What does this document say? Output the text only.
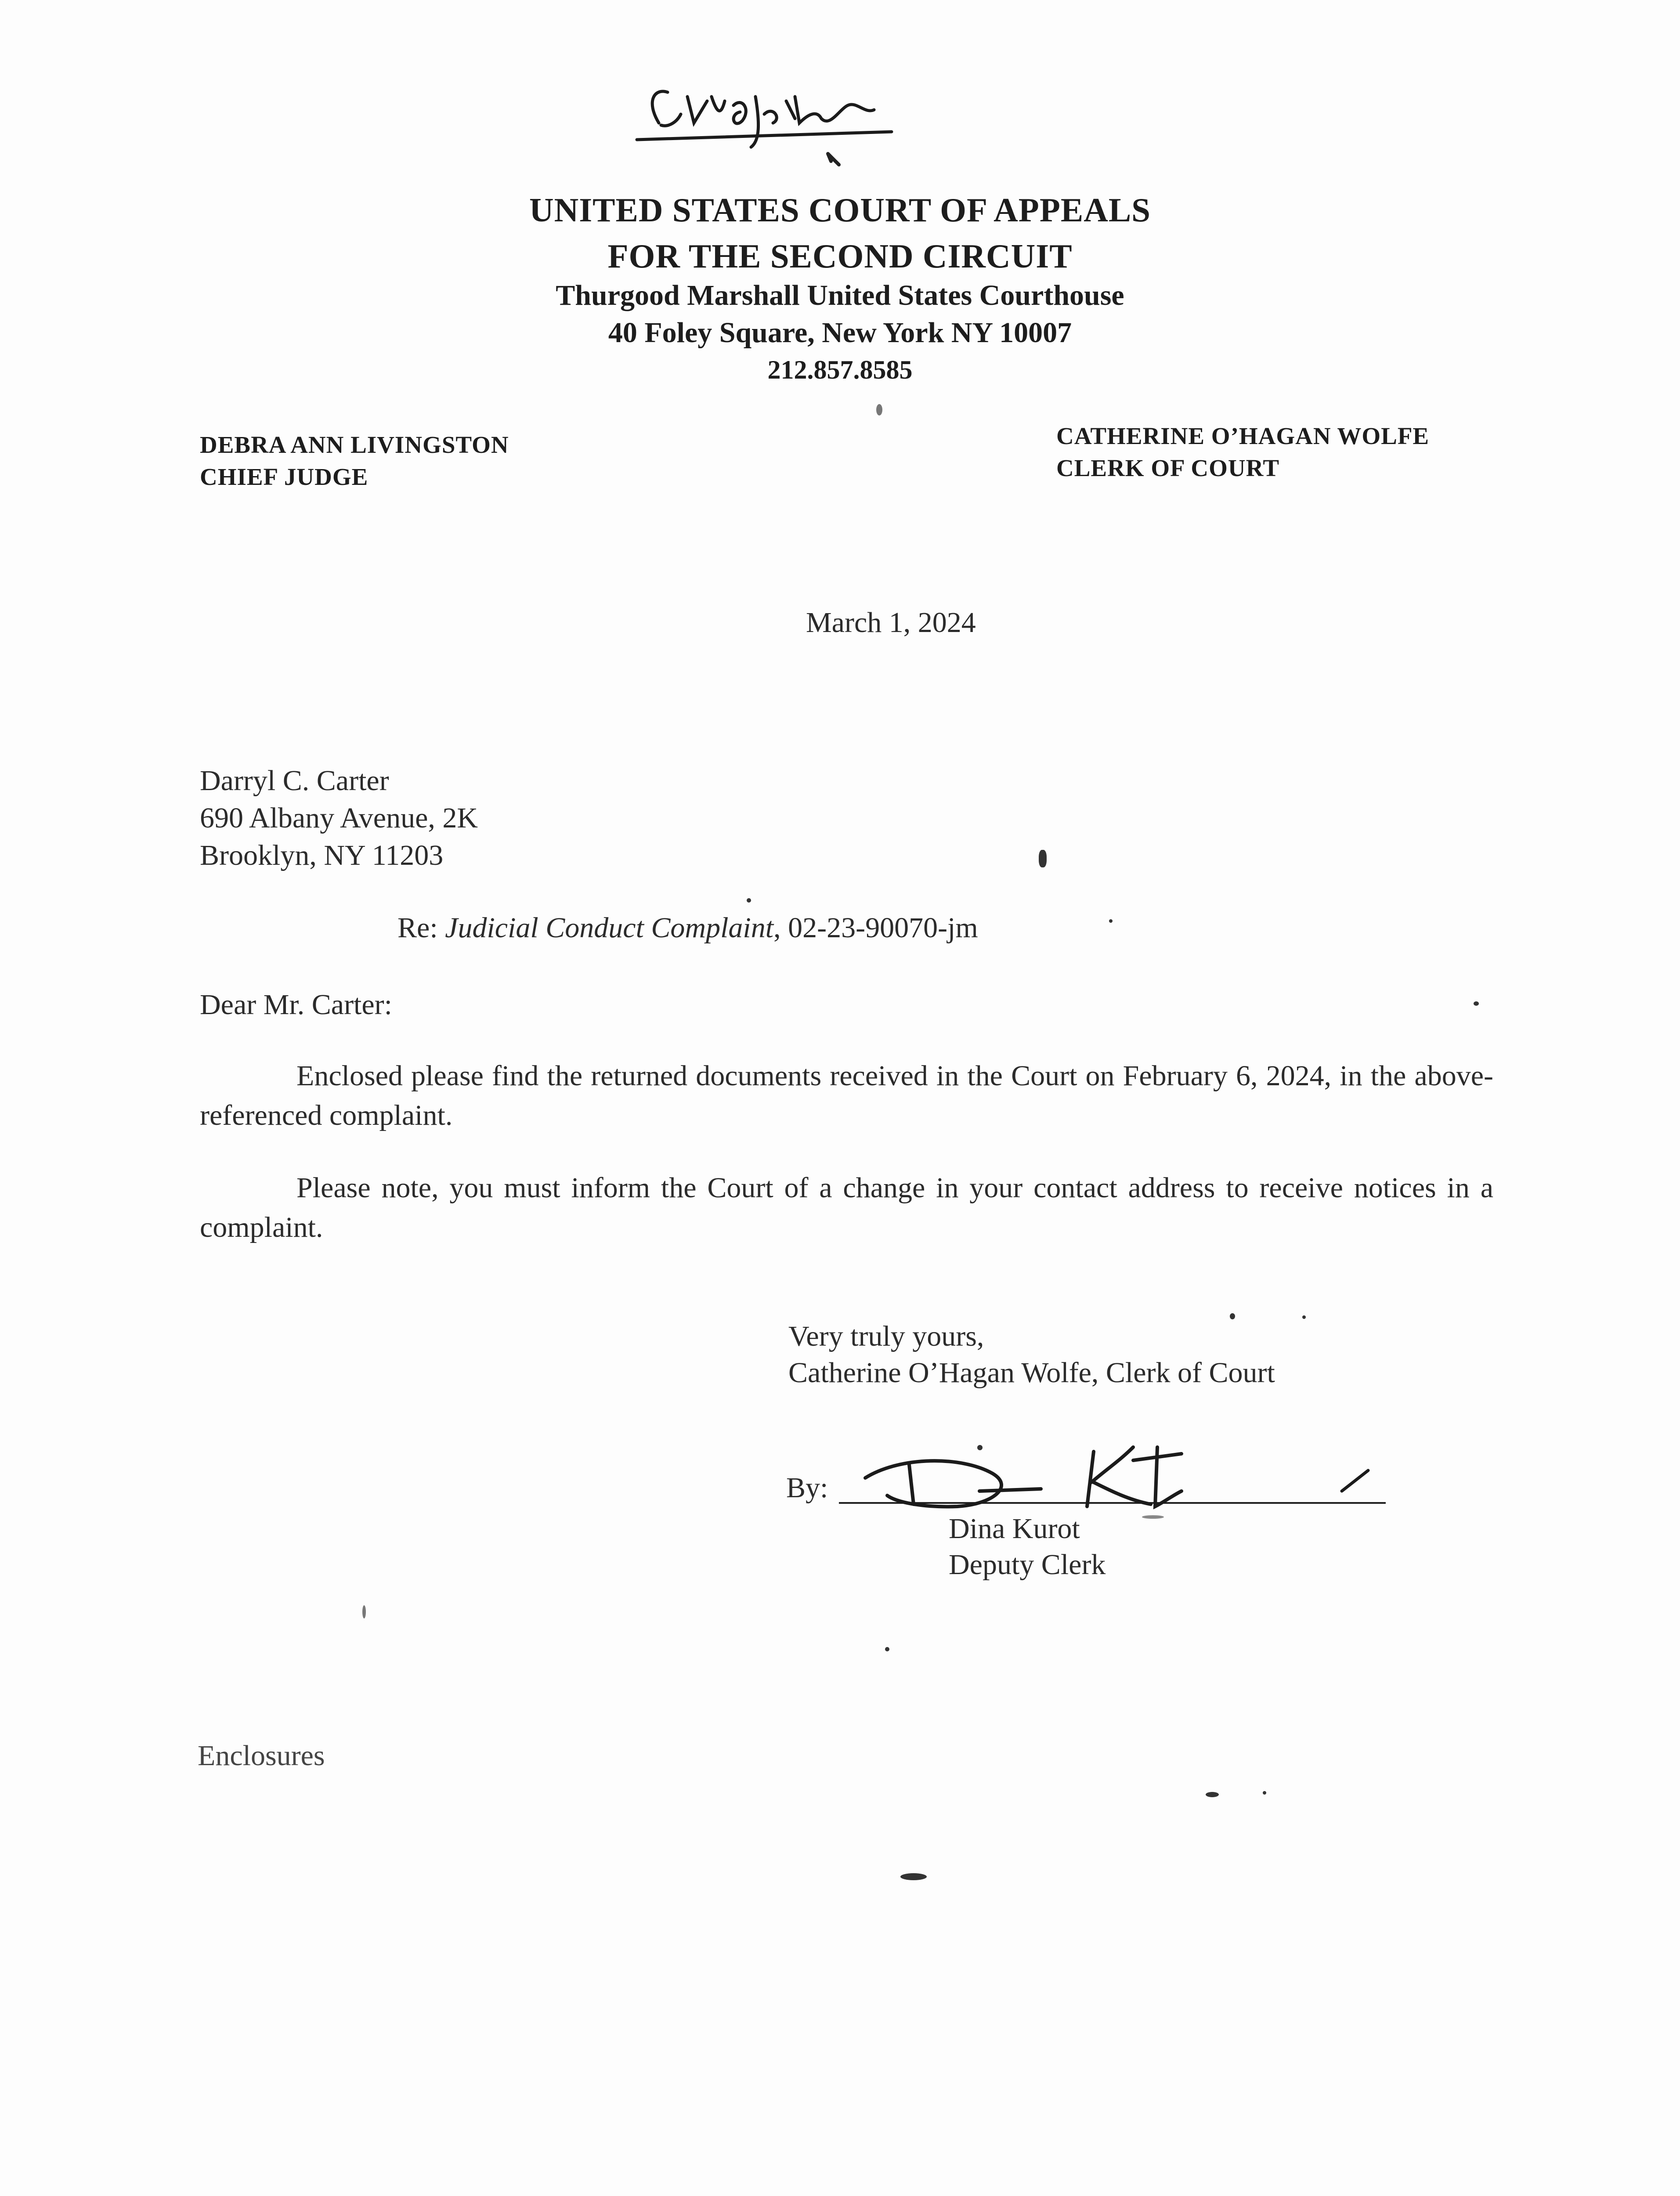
UNITED STATES COURT OF APPEALS
FOR THE SECOND CIRCUIT
Thurgood Marshall United States Courthouse
40 Foley Square, New York NY 10007
212.857.8585
DEBRA ANN LIVINGSTON
CHIEF JUDGE
CATHERINE O’HAGAN WOLFE
CLERK OF COURT
March 1, 2024
Darryl C. Carter
690 Albany Avenue, 2K
Brooklyn, NY 11203
Re: Judicial Conduct Complaint, 02-23-90070-jm
Dear Mr. Carter:
Enclosed please find the returned documents received in the Court on February 6, 2024, in the above-referenced complaint.
Please note, you must inform the Court of a change in your contact address to receive notices in a complaint.
Very truly yours,
Catherine O’Hagan Wolfe, Clerk of Court
By:
Dina Kurot
Deputy Clerk
Enclosures
